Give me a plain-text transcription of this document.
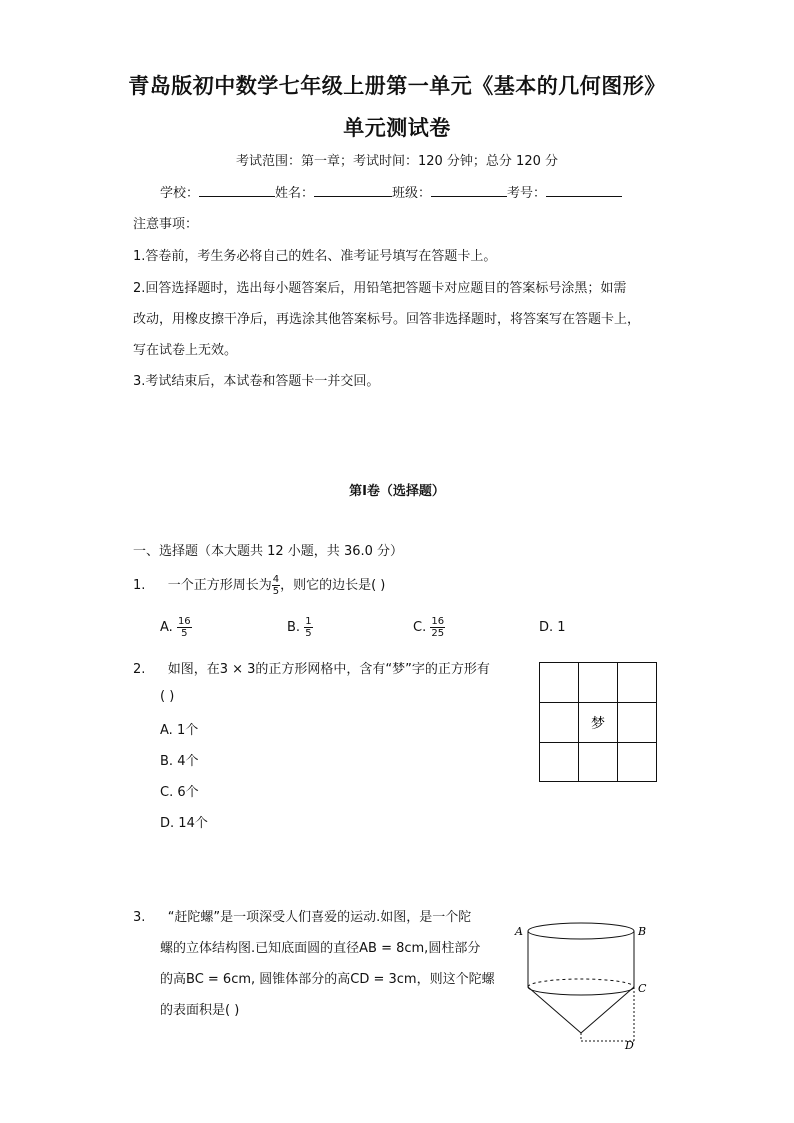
青岛版初中数学七年级上册第一单元《基本的几何图形》
单元测试卷
考试范围：第一章；考试时间：120 分钟；总分 120 分
学校：	姓名：	班级：	考号：
注意事项：
1.答卷前，考生务必将自己的姓名、准考证号填写在答题卡上。
2.回答选择题时，选出每小题答案后，用铅笔把答题卡对应题目的答案标号涂黑；如需
改动，用橡皮擦干净后，再选涂其他答案标号。回答非选择题时，将答案写在答题卡上，
写在试卷上无效。
3.考试结束后，本试卷和答题卡一并交回。
第Ⅰ卷（选择题）
一、选择题（本大题共 12 小题，共 36.0 分）
1. 一个正方形周长为 $\frac{4}{5}$ ，则它的边长是( )
A. $\frac{16}{5}$	B. $\frac{1}{5}$	C. $\frac{16}{25}$	D. 1
2. 如图，在3 × 3的正方形网格中，含有“梦”字的正方形有
( )
A. 1个
B. 4个
C. 6个
D. 14个
梦
3. “赶陀螺”是一项深受人们喜爱的运动.如图，是一个陀
螺的立体结构图.已知底面圆的直径AB = 8cm,圆柱部分
的高BC = 6cm, 圆锥体部分的高CD = 3cm，则这个陀螺
的表面积是( )
A	B
C
D
